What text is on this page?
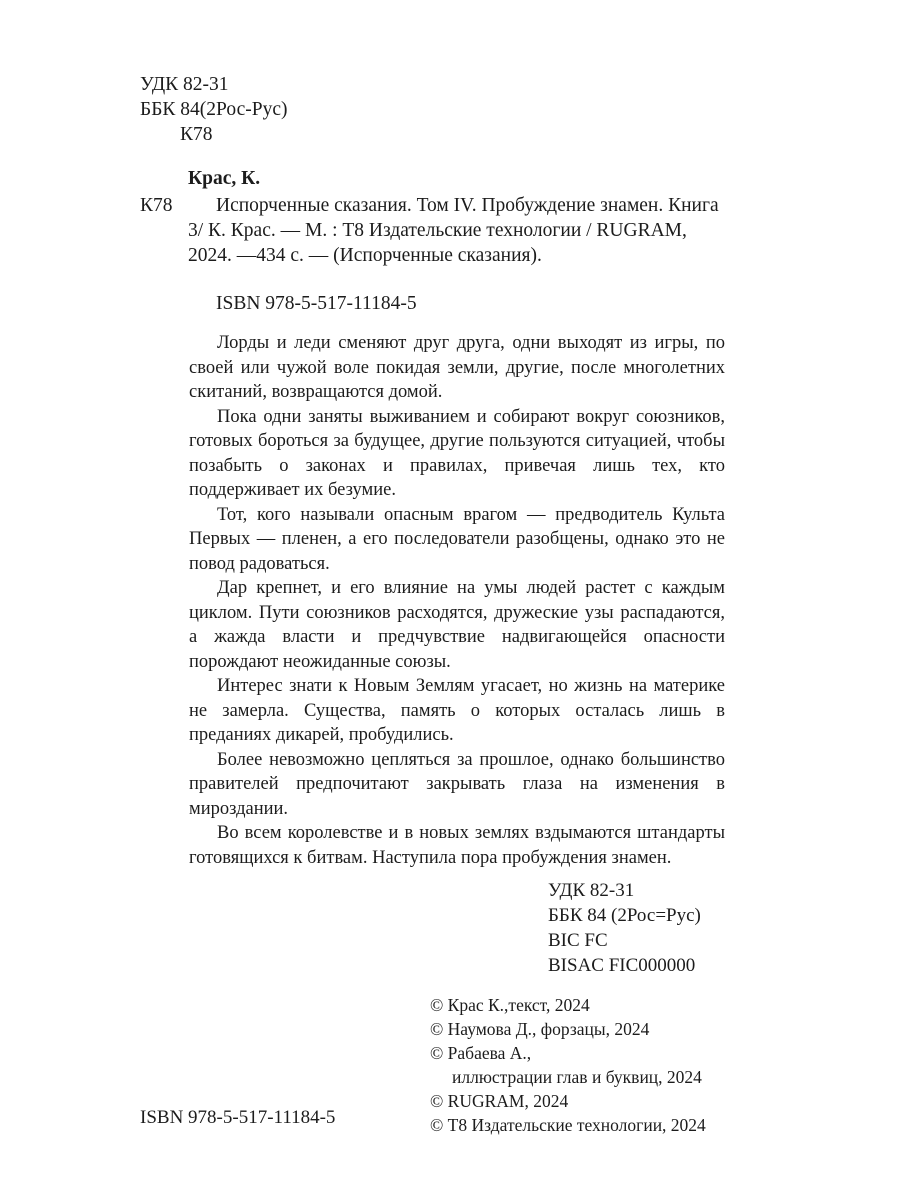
УДК 82-31
ББК 84(2Рос-Рус)
К78
Крас, К.
К78 Испорченные сказания. Том IV. Пробуждение знамен. Книга
3/ К. Крас. — М. : Т8 Издательские технологии / RUGRAM,
2024. —434 с. — (Испорченные сказания).
ISBN 978-5-517-11184-5

Лорды и леди сменяют друг друга, одни выходят из игры, по своей или чужой воле покидая земли, другие, после многолетних скитаний, возвращаются домой.

Пока одни заняты выживанием и собирают вокруг союзников, готовых бороться за будущее, другие пользуются ситуацией, чтобы позабыть о законах и правилах, привечая лишь тех, кто поддерживает их безумие.

Тот, кого называли опасным врагом — предводитель Культа Первых — пленен, а его последователи разобщены, однако это не повод радоваться.

Дар крепнет, и его влияние на умы людей растет с каждым циклом. Пути союзников расходятся, дружеские узы распадаются, а жажда власти и предчувствие надвигающейся опасности порождают неожиданные союзы.

Интерес знати к Новым Землям угасает, но жизнь на материке не замерла. Существа, память о которых осталась лишь в преданиях дикарей, пробудились.

Более невозможно цепляться за прошлое, однако большинство правителей предпочитают закрывать глаза на изменения в мироздании.

Во всем королевстве и в новых землях вздымаются штандарты готовящихся к битвам. Наступила пора пробуждения знамен.

УДК 82-31
ББК 84 (2Рос=Рус)
BIC FC
BISAC FIC000000
© Крас К.,текст, 2024
© Наумова Д., форзацы, 2024
© Рабаева А.,
иллюстрации глав и буквиц, 2024
© RUGRAM, 2024
© Т8 Издательские технологии, 2024
ISBN 978-5-517-11184-5
